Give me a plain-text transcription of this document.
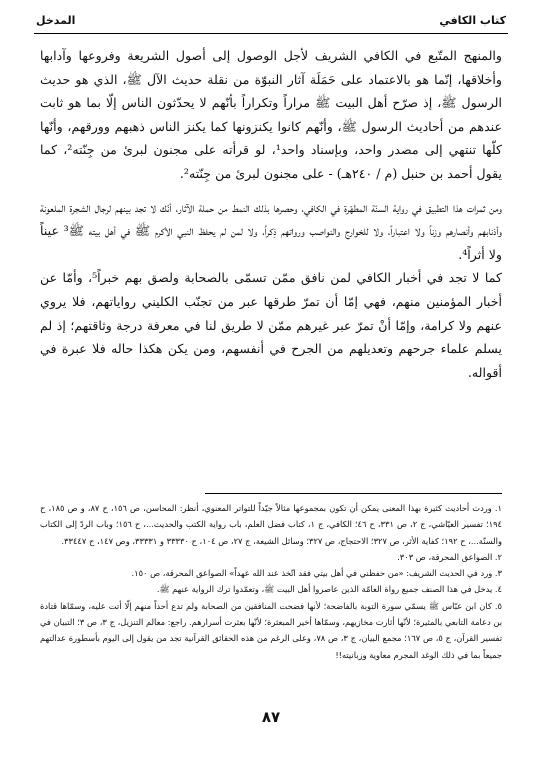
كتاب الكافي
المدخل

والمنهج المتّبع في الكافي الشريف لأجل الوصول إلى أصول الشريعة وفروعها وآدابها وأخلاقها، إنّما هو بالاعتماد على حَمَلَة آثار النبوّة من نقلة حديث الآل ﷺ، الذي هو حديث الرسول ﷺ، إذ صرّح أهل البيت ﷺ مراراً وتكراراً بأنّهم لا يحدّثون الناس إلّا بما هو ثابت عندهم من أحاديث الرسول ﷺ، وأنّهم كانوا يكنزونها كما يكنز الناس ذهبهم وورقهم، وأنّها كلّها تنتهي إلى مصدر واحد، وبإسناد واحد¹، لو قرأته على مجنون لبرئ من جِنّته²، كما يقول أحمد بن حنبل (م / ٢٤٠هـ) - على مجنون لبرئ من جِنّته².

ومن ثمرات هذا التطبيق في رواية السنّة المطهّرة في الكافي، وحصرها بذلك النمط من حملة الآثار، أنّك لا تجد بينهم لرجال الشجرة الملعونة وأذنابهم وأنصارهم وزناً ولا اعتباراً، ولا للخوارج والنواصب ورواتهم ذِكراً، ولا لمن لم يحفظ النبي الأكرم ﷺ في أهل بيته ﷺ³ عيناً ولا أثراً⁴.

كما لا تجد في أخبار الكافي لمن نافق ممّن تسمّى بالصحابة ولصق بهم خبراً⁵، وأمّا عن أخبار المؤمنين منهم، فهي إمّا أن تمرّ طرقها عبر من تجنّب الكليني رواياتهم، فلا يروي عنهم ولا كرامة، وإمّا أنْ تمرّ عبر غيرهم ممّن لا طريق لنا في معرفة درجة وثاقتهم؛ إذ لم يسلم علماء جرحهم وتعديلهم من الجرح في أنفسهم، ومن يكن هكذا حاله فلا عبرة في أقواله.

١. وردت أحاديث كثيرة بهذا المعنى يمكن أن تكون بمجموعها مثالاً جيّداً للتواتر المعنوي، أنظر: المحاسن، ص ١٥٦، ح ٨٧، و ص ١٨٥، ح ١٩٤؛ تفسير العيّاشي، ج ٢، ص ٣٣١، ح ٤٦؛ الكافي، ج ١، كتاب فضل العلم، باب رواية الكتب والحديث...، ح ١٥٦؛ وباب الردّ إلى الكتاب والسنّة...، ح ١٩٢؛ كفاية الأثر، ص ٣٢٧؛ الاحتجاج، ص ٣٢٧؛ وسائل الشيعة، ج ٢٧، ص ١٠٤، ح ٣٣٣٣٠ و ٣٣٣٣١، وص ١٤٧، ح ٣٣٤٤٧.

٢. الصواعق المحرقة، ص ٣٠٣.

٣. ورد في الحديث الشريف: «من حفظني في أهل بيتي فقد اتّخذ عند الله عهداً» الصواعق المحرقة، ص ١٥٠.

٤. يدخل في هذا الصنف جميع رواة العامّة الذين عاصروا أهل البيت ﷺ، وتعمّدوا ترك الرواية عنهم ﷺ.

٥. كان ابن عبّاس ﷺ يسمّي سورة التوبة بالفاضحة؛ لأنها فضحت المنافقين من الصحابة ولم تدع أحداً منهم إلّا أتت عليه، وسمّاها قتادة بن دعامة التابعي بالمثيرة؛ لأنّها أثارت مخازيهم، وسمّاها أخير المبعثرة؛ لأنّها بعثرت أسرارهم. راجع: معالم التنزيل، ج ٣، ص ٣؛ التبيان في تفسير القرآن، ج ٥، ص ١٦٧؛ مجمع البيان، ج ٣، ص ٧٨، وعلى الرغم من هذه الحقائق القرآنية تجد من يقول إلى اليوم بأسطورة عدالتهم جميعاً بما في ذلك الوغد المجرم معاوية وزبانيته!!

٨٧
